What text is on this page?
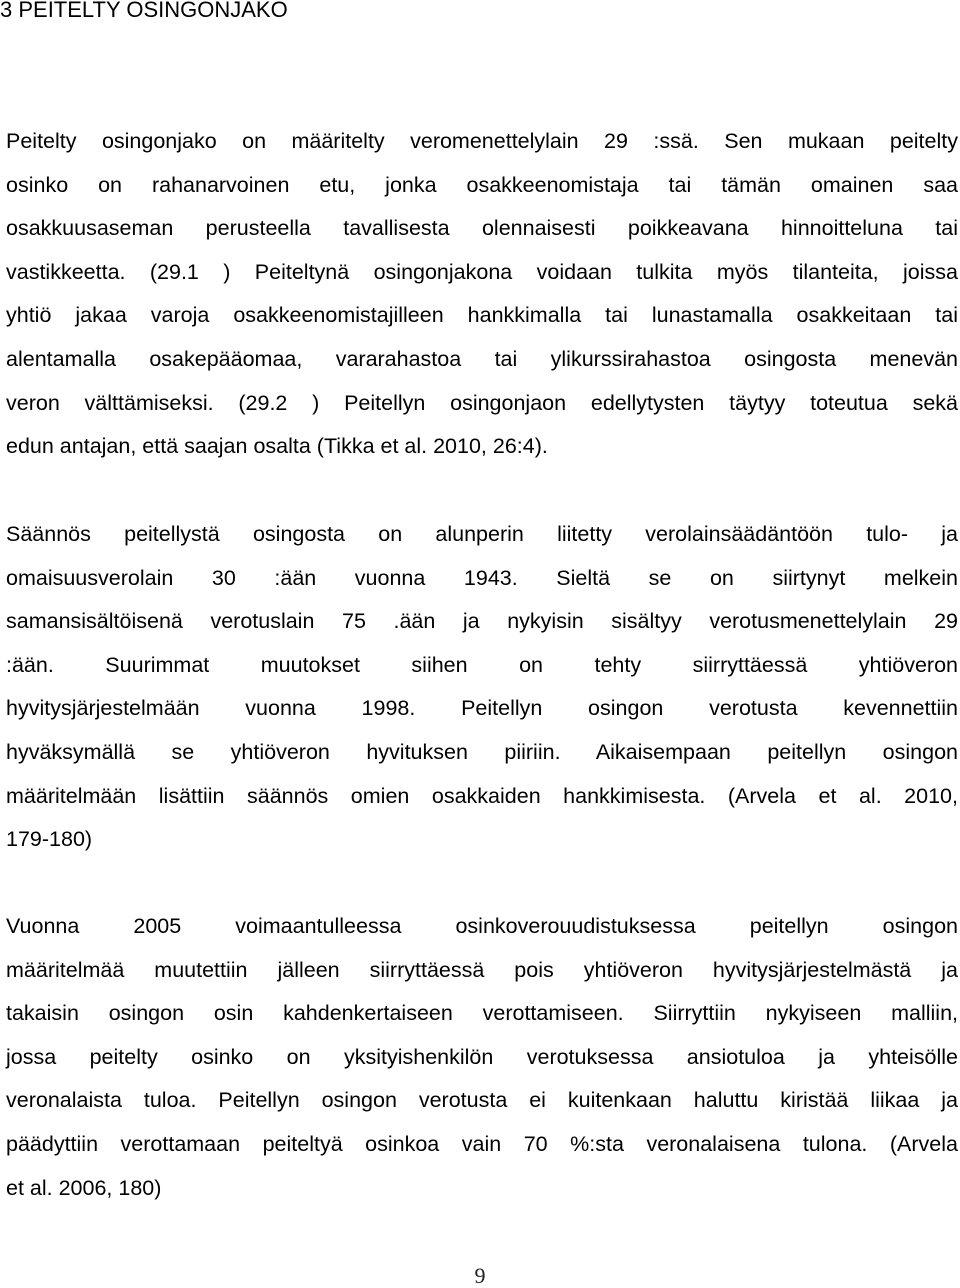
3 PEITELTY OSINGONJAKO

Peitelty osingonjako on määritelty veromenettelylain 29 :ssä. Sen mukaan peitelty
osinko on rahanarvoinen etu, jonka osakkeenomistaja tai tämän omainen saa
osakkuusaseman perusteella tavallisesta olennaisesti poikkeavana hinnoitteluna tai
vastikkeetta. (29.1 ) Peiteltynä osingonjakona voidaan tulkita myös tilanteita, joissa
yhtiö jakaa varoja osakkeenomistajilleen hankkimalla tai lunastamalla osakkeitaan tai
alentamalla osakepääomaa, vararahastoa tai ylikurssirahastoa osingosta menevän
veron välttämiseksi. (29.2 ) Peitellyn osingonjaon edellytysten täytyy toteutua sekä
edun antajan, että saajan osalta (Tikka et al. 2010, 26:4).

Säännös peitellystä osingosta on alunperin liitetty verolainsäädäntöön tulo- ja
omaisuusverolain 30 :ään vuonna 1943. Sieltä se on siirtynyt melkein
samansisältöisenä verotuslain 75 .ään ja nykyisin sisältyy verotusmenettelylain 29
:ään. Suurimmat muutokset siihen on tehty siirryttäessä yhtiöveron
hyvitysjärjestelmään vuonna 1998. Peitellyn osingon verotusta kevennettiin
hyväksymällä se yhtiöveron hyvituksen piiriin. Aikaisempaan peitellyn osingon
määritelmään lisättiin säännös omien osakkaiden hankkimisesta. (Arvela et al. 2010,
179-180)

Vuonna 2005 voimaantulleessa osinkoverouudistuksessa peitellyn osingon
määritelmää muutettiin jälleen siirryttäessä pois yhtiöveron hyvitysjärjestelmästä ja
takaisin osingon osin kahdenkertaiseen verottamiseen. Siirryttiin nykyiseen malliin,
jossa peitelty osinko on yksityishenkilön verotuksessa ansiotuloa ja yhteisölle
veronalaista tuloa. Peitellyn osingon verotusta ei kuitenkaan haluttu kiristää liikaa ja
päädyttiin verottamaan peiteltyä osinkoa vain 70 %:sta veronalaisena tulona. (Arvela
et al. 2006, 180)

9
